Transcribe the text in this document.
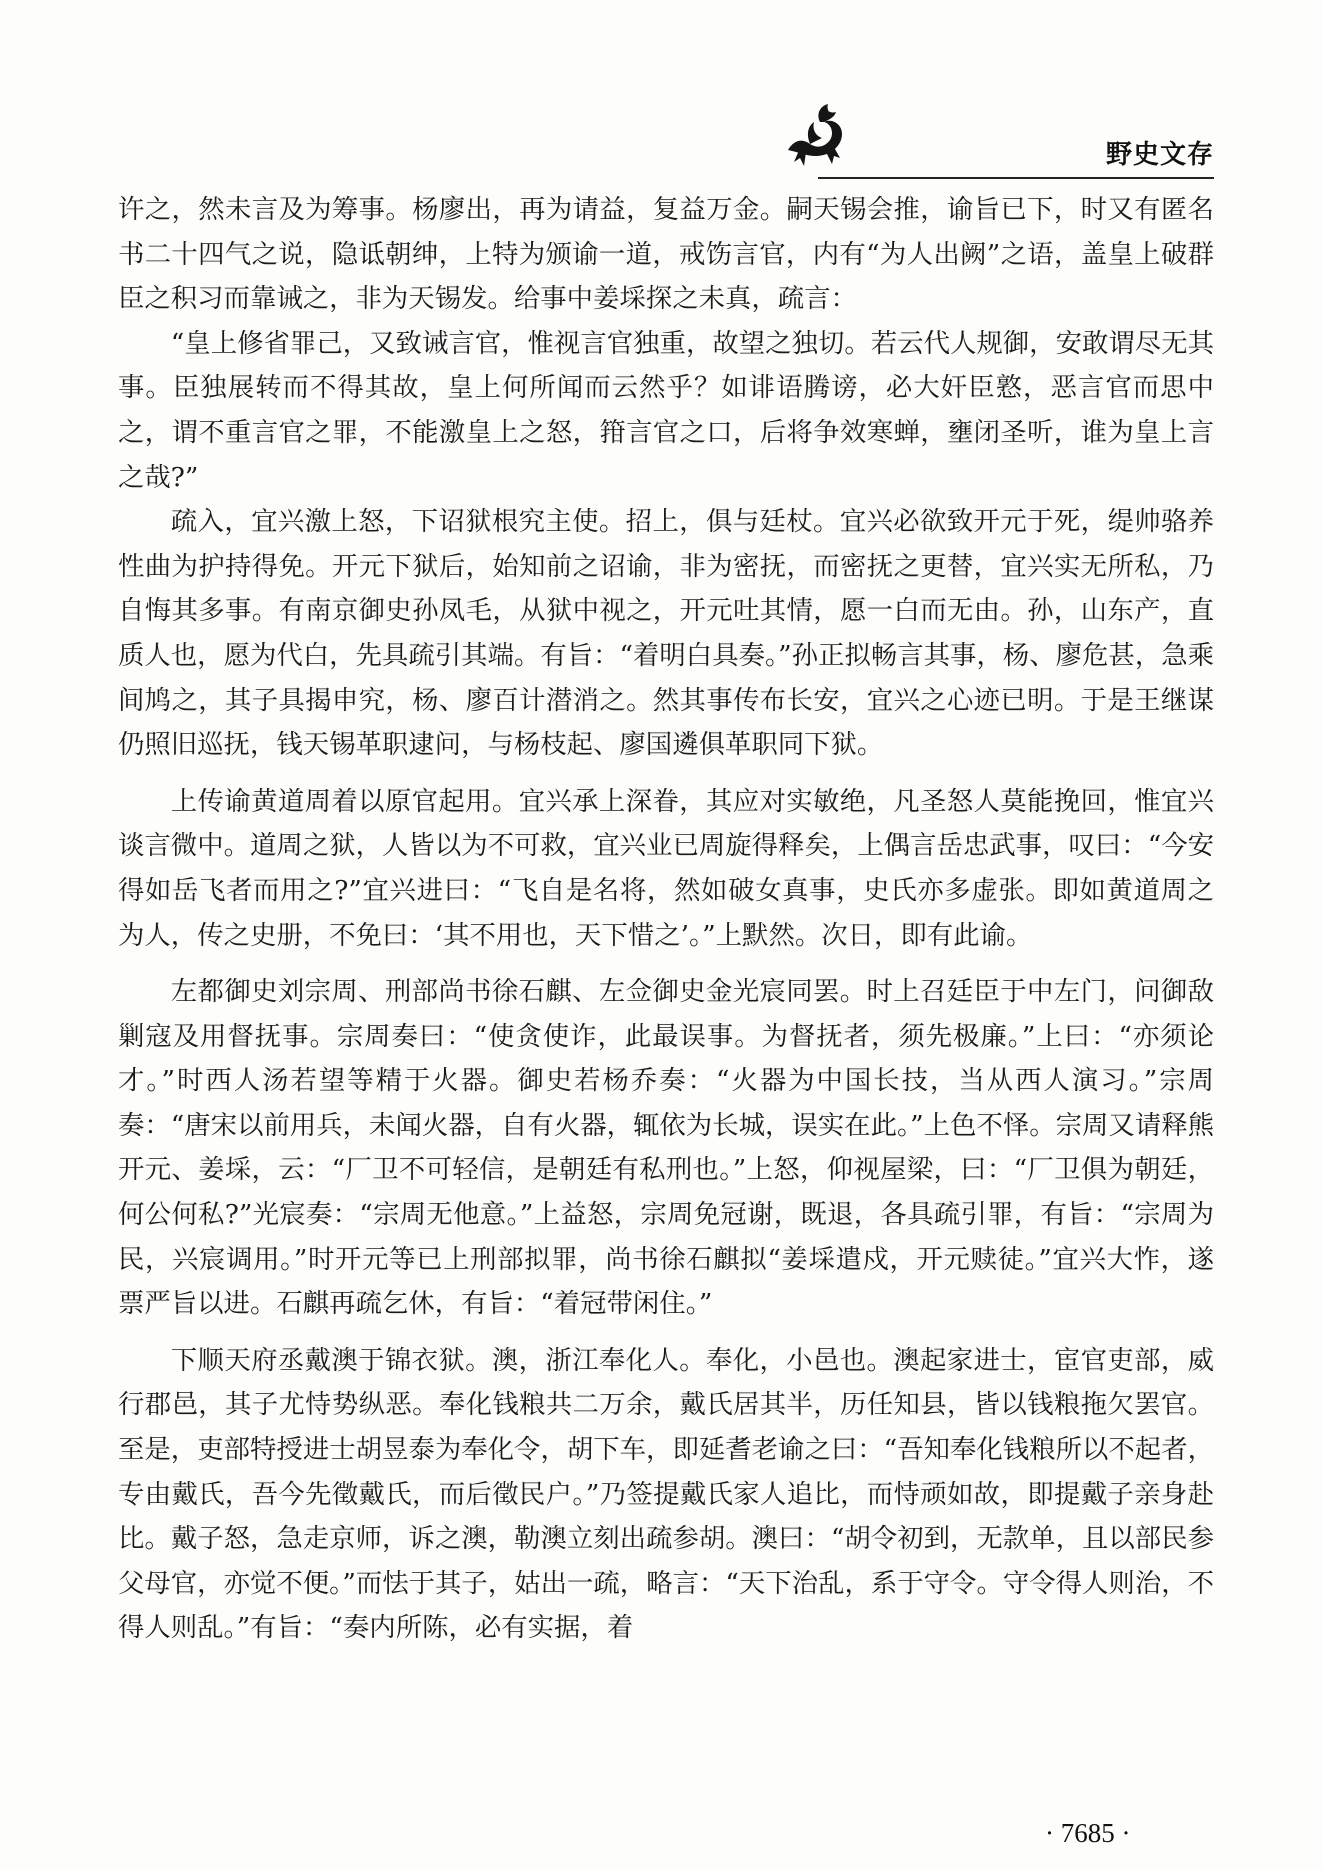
野史文存

许之，然未言及为筹事。杨廖出，再为请益，复益万金。嗣天锡会推，谕旨已下，时又有匿名书二十四气之说，隐诋朝绅，上特为颁谕一道，戒饬言官，内有“为人出阙”之语，盖皇上破群臣之积习而靠诫之，非为天锡发。给事中姜埰探之未真，疏言：

“皇上修省罪己，又致诫言官，惟视言官独重，故望之独切。若云代人规御，安敢谓尽无其事。臣独展转而不得其故，皇上何所闻而云然乎？如诽语腾谤，必大奸臣憝，恶言官而思中之，谓不重言官之罪，不能激皇上之怒，箝言官之口，后将争效寒蝉，壅闭圣听，谁为皇上言之哉?”

疏入，宜兴激上怒，下诏狱根究主使。招上，俱与廷杖。宜兴必欲致开元于死，缇帅骆养性曲为护持得免。开元下狱后，始知前之诏谕，非为密抚，而密抚之更替，宜兴实无所私，乃自悔其多事。有南京御史孙凤毛，从狱中视之，开元吐其情，愿一白而无由。孙，山东产，直质人也，愿为代白，先具疏引其端。有旨：“着明白具奏。”孙正拟畅言其事，杨、廖危甚，急乘间鸠之，其子具揭申究，杨、廖百计潜消之。然其事传布长安，宜兴之心迹已明。于是王继谋仍照旧巡抚，钱天锡革职逮问，与杨枝起、廖国遴俱革职同下狱。

上传谕黄道周着以原官起用。宜兴承上深眷，其应对实敏绝，凡圣怒人莫能挽回，惟宜兴谈言微中。道周之狱，人皆以为不可救，宜兴业已周旋得释矣，上偶言岳忠武事，叹曰：“今安得如岳飞者而用之?”宜兴进曰：“飞自是名将，然如破女真事，史氏亦多虚张。即如黄道周之为人，传之史册，不免曰：‘其不用也，天下惜之’。”上默然。次日，即有此谕。

左都御史刘宗周、刑部尚书徐石麒、左佥御史金光宸同罢。时上召廷臣于中左门，问御敌剿寇及用督抚事。宗周奏曰：“使贪使诈，此最误事。为督抚者，须先极廉。”上曰：“亦须论才。”时西人汤若望等精于火器。御史若杨乔奏：“火器为中国长技，当从西人演习。”宗周奏：“唐宋以前用兵，未闻火器，自有火器，辄依为长城，误实在此。”上色不怿。宗周又请释熊开元、姜埰，云：“厂卫不可轻信，是朝廷有私刑也。”上怒，仰视屋梁，曰：“厂卫俱为朝廷，何公何私?”光宸奏：“宗周无他意。”上益怒，宗周免冠谢，既退，各具疏引罪，有旨：“宗周为民，兴宸调用。”时开元等已上刑部拟罪，尚书徐石麒拟“姜埰遣戍，开元赎徒。”宜兴大怍，遂票严旨以进。石麒再疏乞休，有旨：“着冠带闲住。”

下顺天府丞戴澳于锦衣狱。澳，浙江奉化人。奉化，小邑也。澳起家进士，宦官吏部，威行郡邑，其子尤恃势纵恶。奉化钱粮共二万余，戴氏居其半，历任知县，皆以钱粮拖欠罢官。至是，吏部特授进士胡昱泰为奉化令，胡下车，即延耆老谕之曰：“吾知奉化钱粮所以不起者，专由戴氏，吾今先徵戴氏，而后徵民户。”乃签提戴氏家人追比，而恃顽如故，即提戴子亲身赴比。戴子怒，急走京师，诉之澳，勒澳立刻出疏参胡。澳曰：“胡令初到，无款单，且以部民参父母官，亦觉不便。”而怯于其子，姑出一疏，略言：“天下治乱，系于守令。守令得人则治，不得人则乱。”有旨：“奏内所陈，必有实据，着

· 7685 ·
